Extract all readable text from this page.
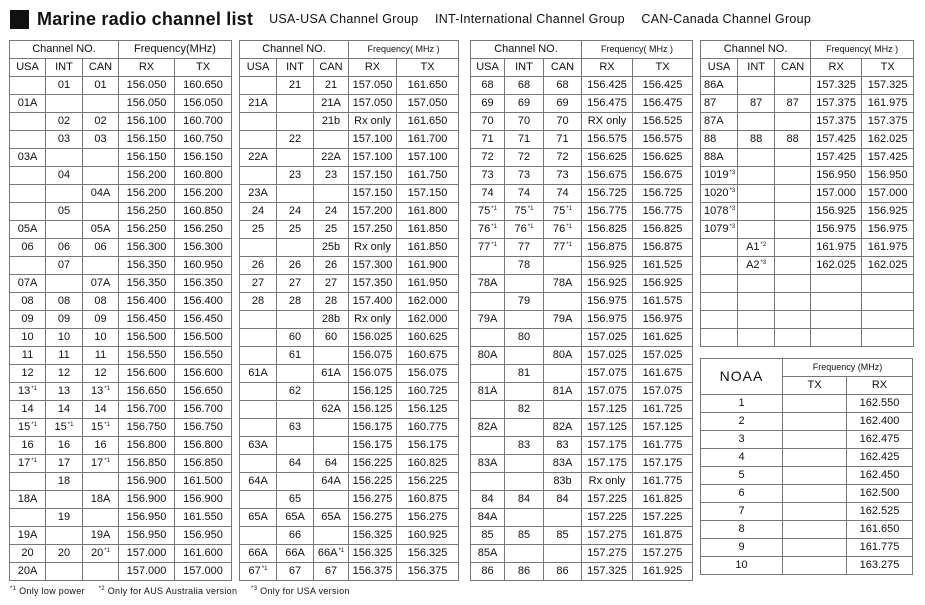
Marine radio channel list USA-USA Channel Group INT-International Channel Group CAN-Canada Channel Group
Channel NO.			Frequency(MHz)	
USA	INT	CAN	RX	TX
	01	01	156.050	160.650
01A			156.050	156.050
	02	02	156.100	160.700
	03	03	156.150	160.750
03A			156.150	156.150
	04		156.200	160.800
		04A	156.200	156.200
	05		156.250	160.850
05A		05A	156.250	156.250
06	06	06	156.300	156.300
	07		156.350	160.950
07A		07A	156.350	156.350
08	08	08	156.400	156.400
09	09	09	156.450	156.450
10	10	10	156.500	156.500
11	11	11	156.550	156.550
12	12	12	156.600	156.600
13$^{*1}$	13	13$^{*1}$	156.650	156.650
14	14	14	156.700	156.700
15$^{*1}$	15$^{*1}$	15$^{*1}$	156.750	156.750
16	16	16	156.800	156.800
17$^{*1}$	17	17$^{*1}$	156.850	156.850
	18		156.900	161.500
18A		18A	156.900	156.900
	19		156.950	161.550
19A		19A	156.950	156.950
20	20	20$^{*1}$	157.000	161.600
20A			157.000	157.000
Channel NO.			Frequency( MHz )	
USA	INT	CAN	RX	TX
	21	21	157.050	161.650
21A		21A	157.050	157.050
		21b	Rx only	161.650
	22		157.100	161.700
22A		22A	157.100	157.100
	23	23	157.150	161.750
23A			157.150	157.150
24	24	24	157.200	161.800
25	25	25	157.250	161.850
		25b	Rx only	161.850
26	26	26	157.300	161.900
27	27	27	157.350	161.950
28	28	28	157.400	162.000
		28b	Rx only	162.000
	60	60	156.025	160.625
	61		156.075	160.675
61A		61A	156.075	156.075
	62		156.125	160.725
		62A	156.125	156.125
	63		156.175	160.775
63A			156.175	156.175
	64	64	156.225	160.825
64A		64A	156.225	156.225
	65		156.275	160.875
65A	65A	65A	156.275	156.275
	66		156.325	160.925
66A	66A	$66A^{*1}$	156.325	156.325
67$^{*1}$	67	67	156.375	156.375
Channel NO.			Frequency( MHz )	
USA	INT	CAN	RX	TX
68	68	68	156.425	156.425
69	69	69	156.475	156.475
70	70	70	RX only	156.525
71	71	71	156.575	156.575
72	72	72	156.625	156.625
73	73	73	156.675	156.675
74	74	74	156.725	156.725
75$^{*1}$	75$^{*1}$	75$^{*1}$	156.775	156.775
76$^{*1}$	76$^{*1}$	76$^{*1}$	156.825	156.825
77$^{*1}$	77	77$^{*1}$	156.875	156.875
	78		156.925	161.525
78A		78A	156.925	156.925
	79		156.975	161.575
79A		79A	156.975	156.975
	80		157.025	161.625
80A		80A	157.025	157.025
	81		157.075	161.675
81A		81A	157.075	157.075
	82		157.125	161.725
82A		82A	157.125	157.125
	83	83	157.175	161.775
83A		83A	157.175	157.175
		83b	Rx only	161.775
84	84	84	157.225	161.825
84A			157.225	157.225
85	85	85	157.275	161.875
85A			157.275	157.275
86	86	86	157.325	161.925
Channel NO.			Frequency( MHz )	
USA	INT	CAN	RX	TX
86A			157.325	157.325
87	87	87	157.375	161.975
87A			157.375	157.375
88	88	88	157.425	162.025
88A			157.425	157.425
1019$^{*3}$			156.950	156.950
1020$^{*3}$			157.000	157.000
1078$^{*3}$			156.925	156.925
1079$^{*3}$			156.975	156.975
	A1$^{*2}$		161.975	161.975
	A2$^{*3}$		162.025	162.025

NOAA	Frequency (MHz)	
	TX	RX
1		162.550
2		162.400
3		162.475
4		162.425
5		162.450
6		162.500
7		162.525
8		161.650
9		161.775
10		163.275
$^{*1}$ Only low power $^{*2}$ Only for AUS Australia version $^{*3}$ Only for USA version
